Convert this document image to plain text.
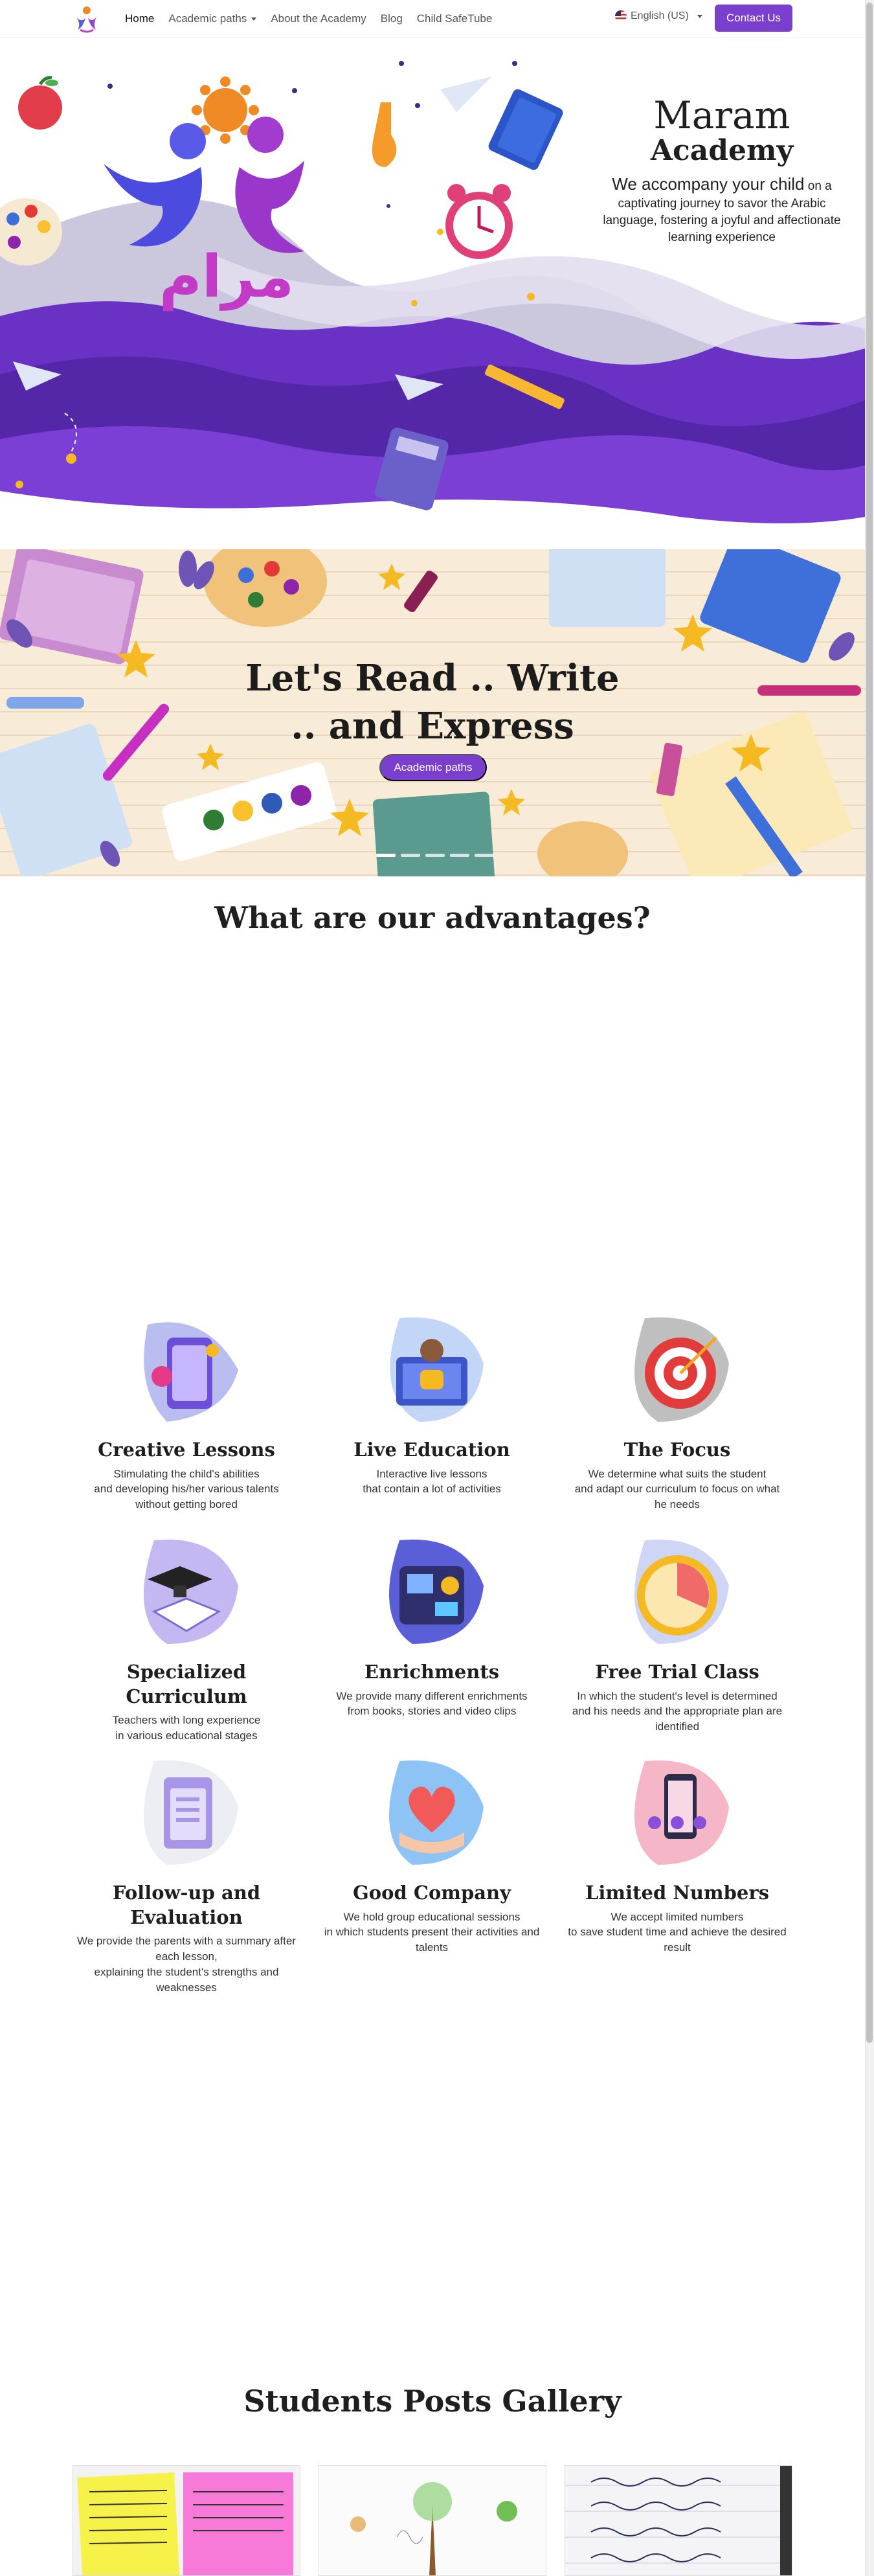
Home Academic paths	About the Academy Blog Child SafeTube	English (US)	Contact Us
مرام
Maram
Academy

We accompany your child on a captivating journey to savor the Arabic language, fostering a joyful and affectionate learning experience

Let's Read .. Write .. and Express
Academic paths
What are our advantages?
Creative Lessons

Stimulating the child's abilities
and developing his/her various talents
without getting bored

Live Education

Interactive live lessons
that contain a lot of activities

The Focus

We determine what suits the student
and adapt our curriculum to focus on what he needs

Specialized Curriculum

Teachers with long experience
in various educational stages

Enrichments

We provide many different enrichments
from books, stories and video clips

Free Trial Class

In which the student's level is determined
and his needs and the appropriate plan are identified

Follow-up and Evaluation

We provide the parents with a summary after each lesson,
explaining the student's strengths and weaknesses

Good Company

We hold group educational sessions
in which students present their activities and talents

Limited Numbers

We accept limited numbers
to save student time and achieve the desired result

Students Posts Gallery
